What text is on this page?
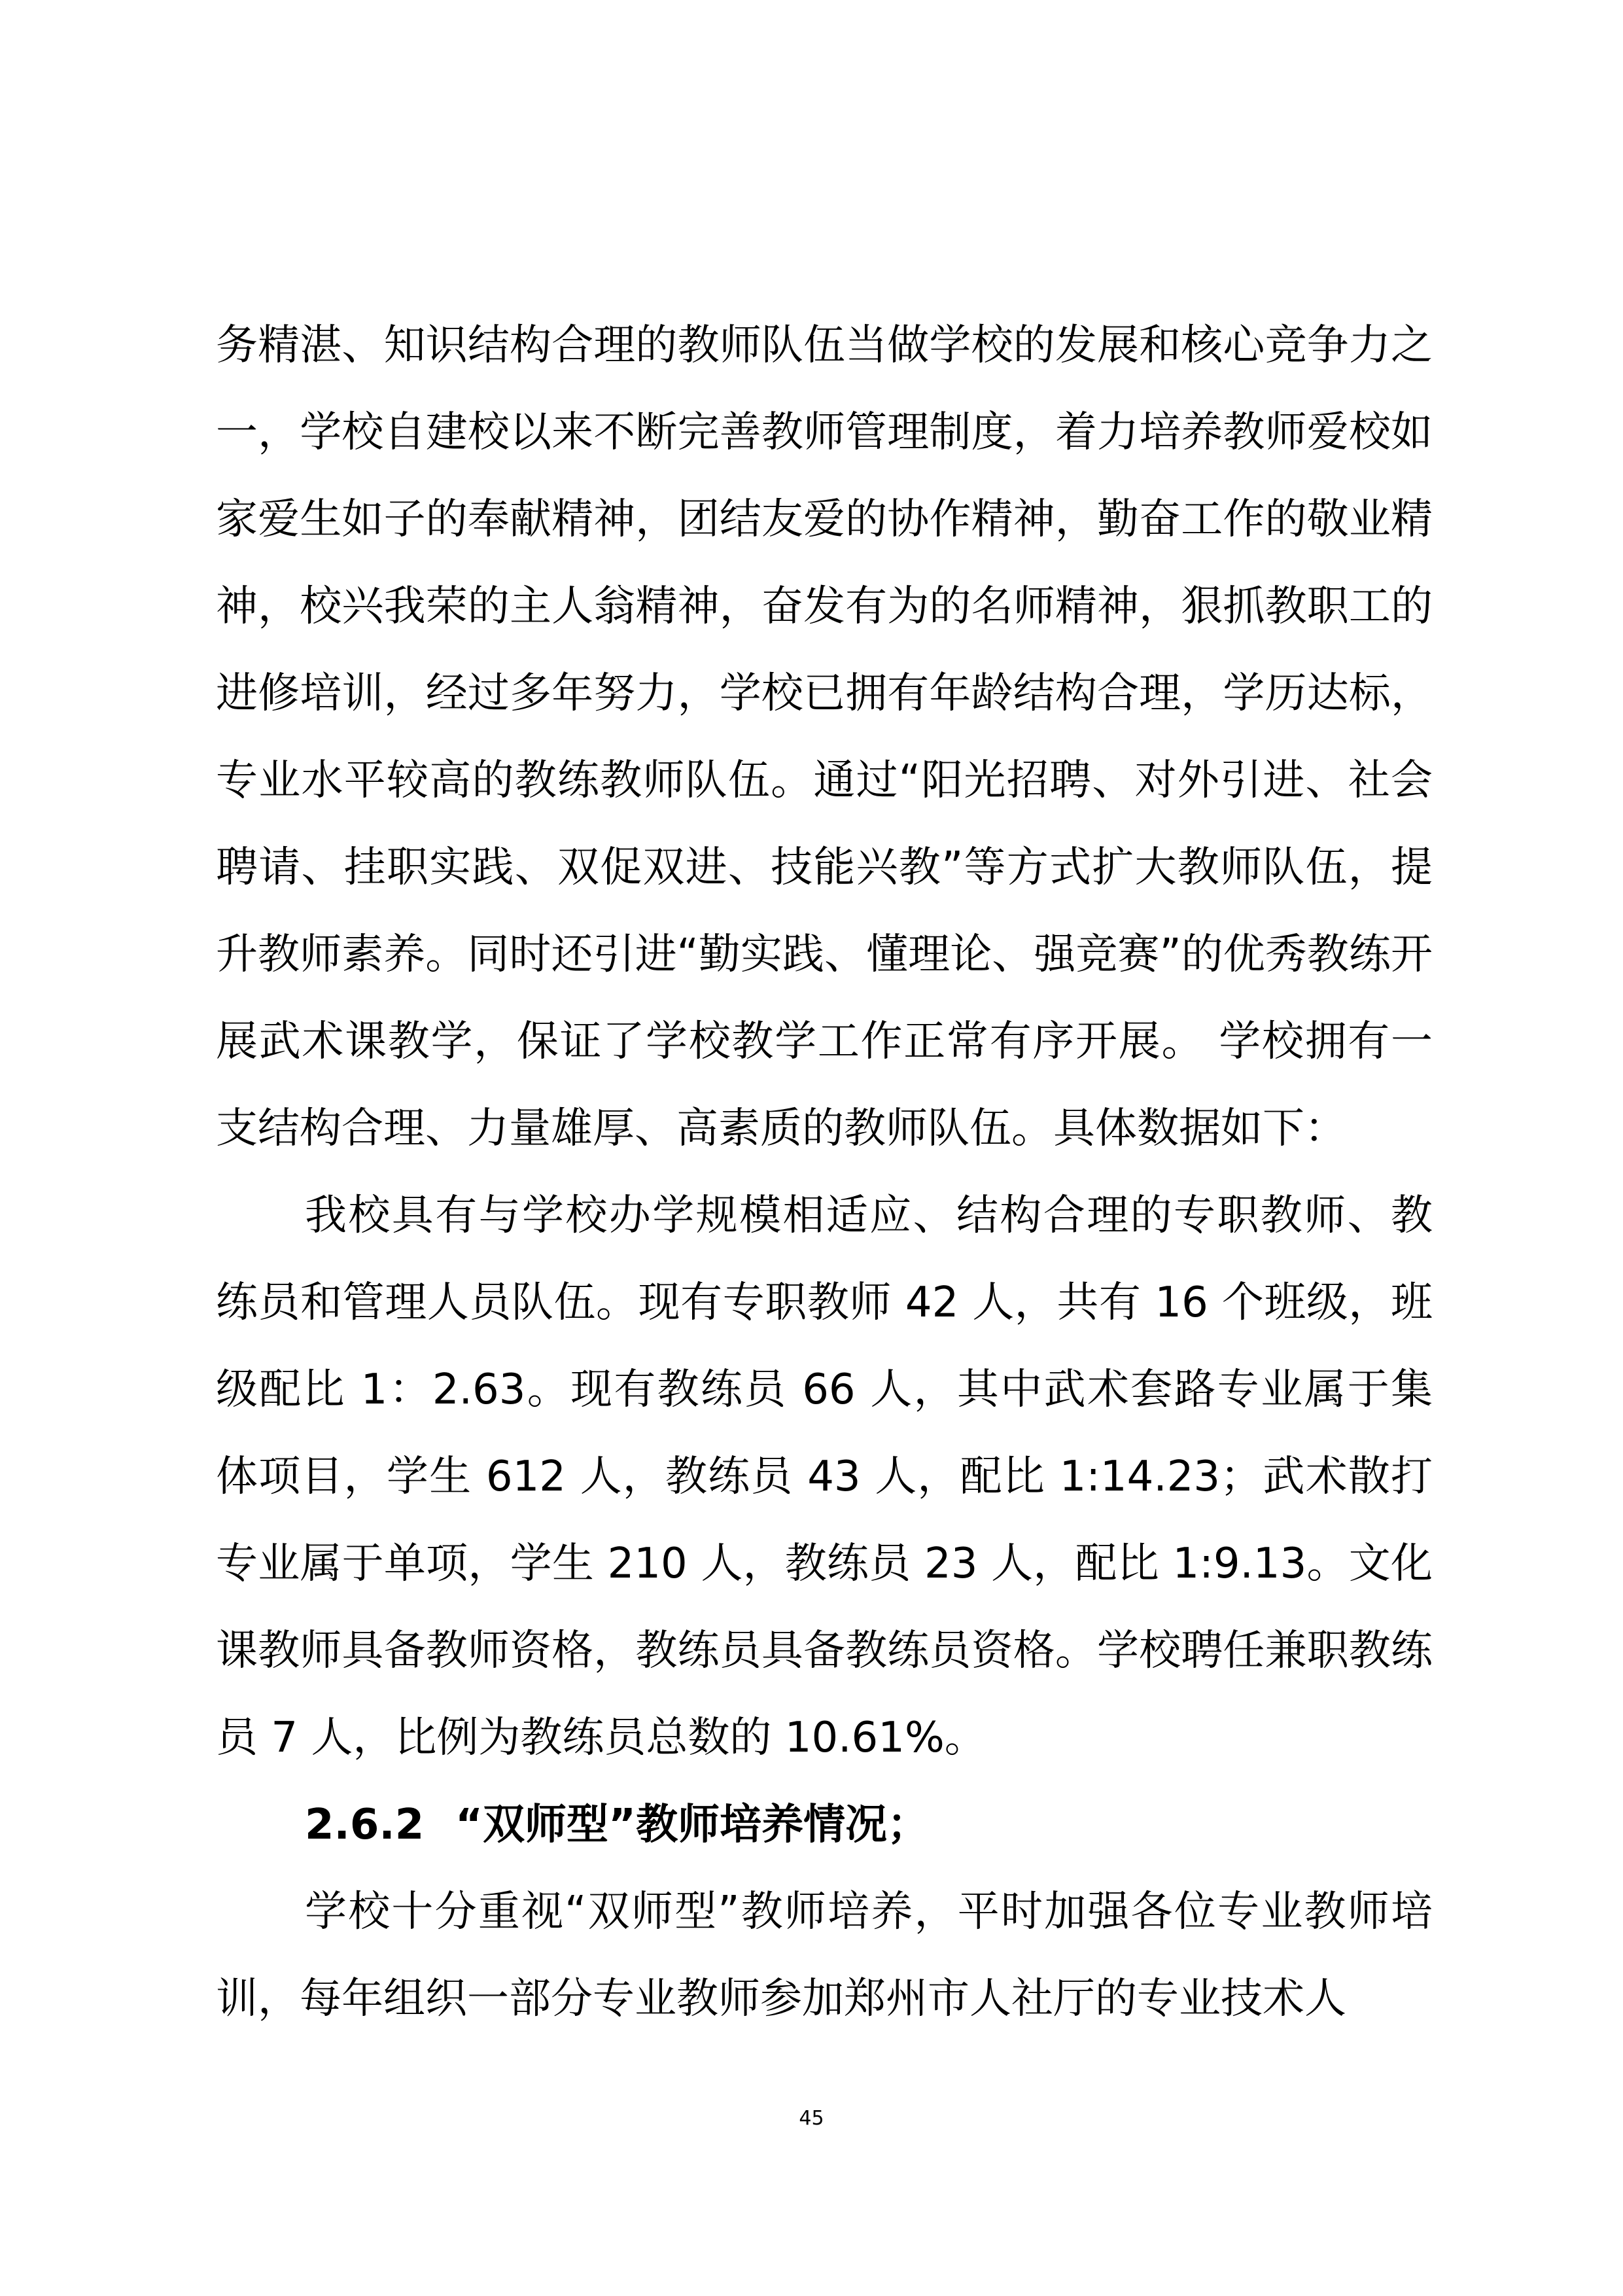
务精湛、知识结构合理的教师队伍当做学校的发展和核心竞争力之一，学校自建校以来不断完善教师管理制度，着力培养教师爱校如家爱生如子的奉献精神，团结友爱的协作精神，勤奋工作的敬业精神，校兴我荣的主人翁精神，奋发有为的名师精神，狠抓教职工的进修培训，经过多年努力，学校已拥有年龄结构合理，学历达标，专业水平较高的教练教师队伍。通过“阳光招聘、对外引进、社会聘请、挂职实践、双促双进、技能兴教”等方式扩大教师队伍，提升教师素养。同时还引进“勤实践、懂理论、强竞赛”的优秀教练开展武术课教学，保证了学校教学工作正常有序开展。 学校拥有一支结构合理、力量雄厚、高素质的教师队伍。具体数据如下：

我校具有与学校办学规模相适应、结构合理的专职教师、教练员和管理人员队伍。现有专职教师 42 人，共有 16 个班级，班级配比 1：2.63。现有教练员 66 人，其中武术套路专业属于集体项目，学生 612 人，教练员 43 人，配比 1:14.23；武术散打专业属于单项，学生 210 人，教练员 23 人，配比 1:9.13。文化课教师具备教师资格，教练员具备教练员资格。学校聘任兼职教练员 7 人，比例为教练员总数的 10.61%。

2.6.2 “双师型”教师培养情况；

学校十分重视“双师型”教师培养，平时加强各位专业教师培训，每年组织一部分专业教师参加郑州市人社厅的专业技术人

45
